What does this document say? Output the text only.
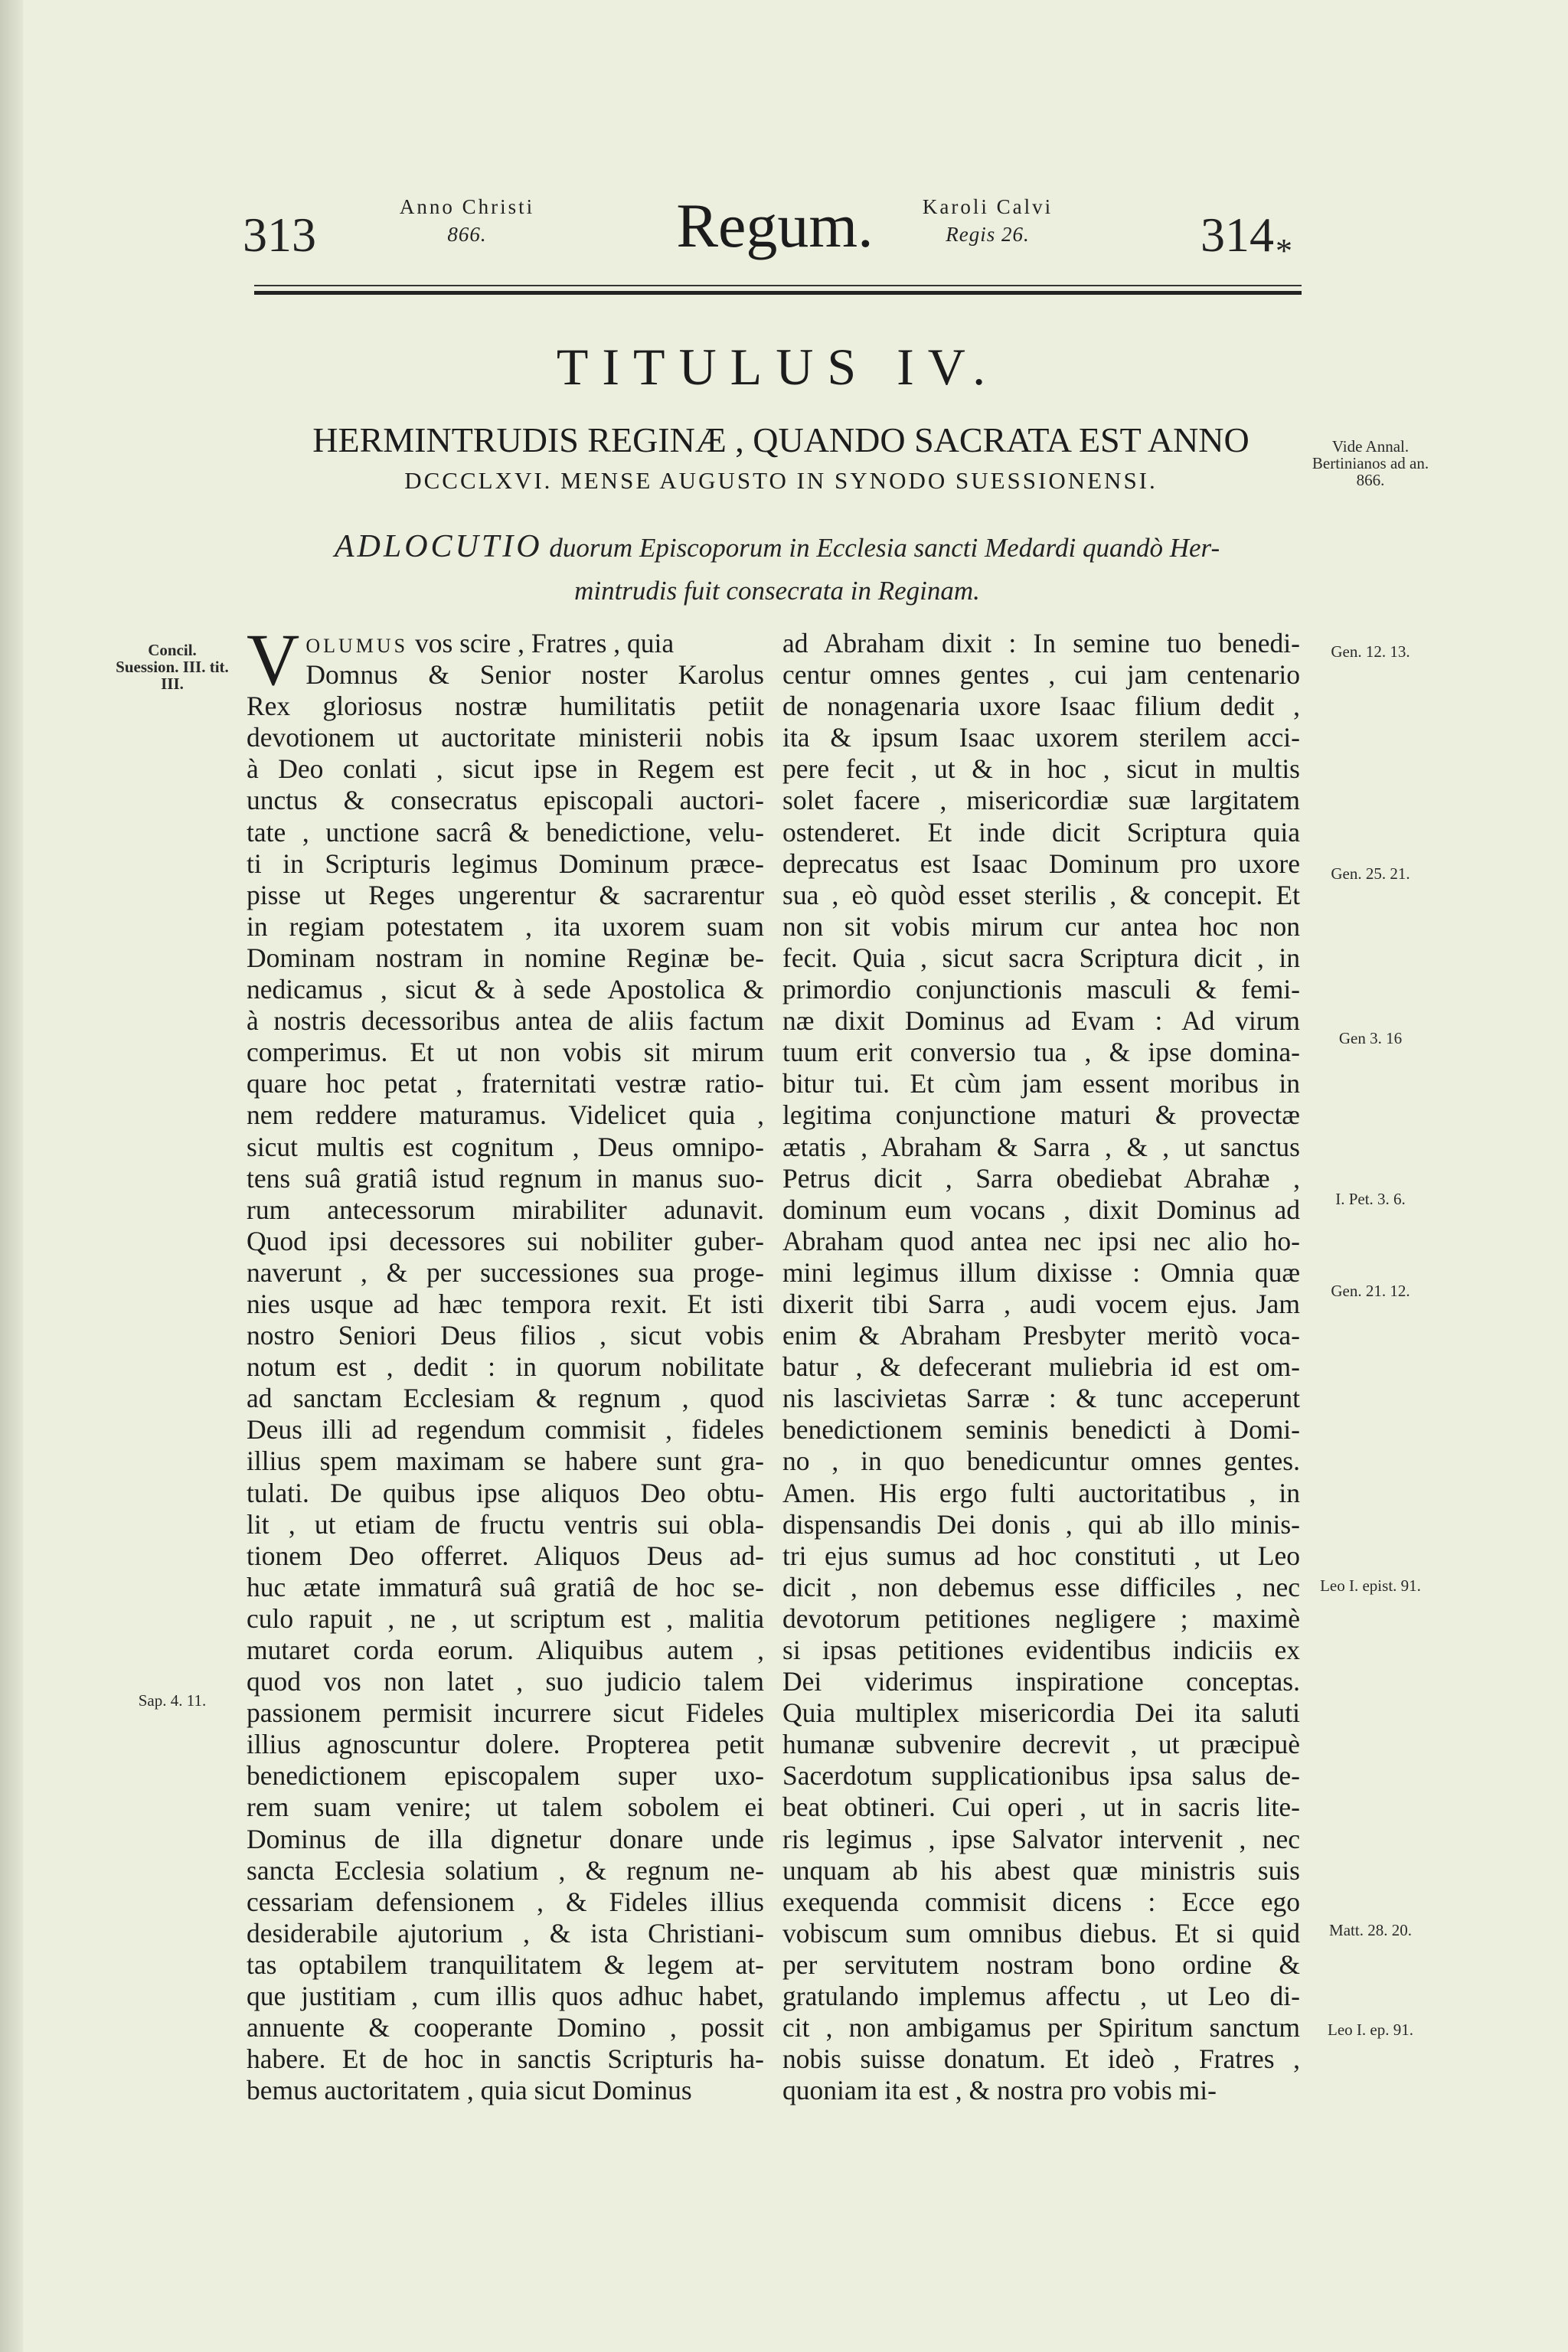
313
Anno Christi
866.	Regum.	Karoli Calvi
Regis 26.	$314_*$
TITULUS IV.
HERMINTRUDIS REGINÆ , QUANDO SACRATA EST ANNO
DCCCLXVI. MENSE AUGUSTO IN SYNODO SUESSIONENSI.
ADLOCUTIO duorum Episcoporum in Ecclesia sancti Medardi quandò Her-
mintrudis fuit consecrata in Reginam.
V OLUMUS vos scire , Fratres , quia
Domnus & Senior noster Karolus
Rex gloriosus nostræ humilitatis petiit
devotionem ut auctoritate ministerii nobis
à Deo conlati , sicut ipse in Regem est
unctus & consecratus episcopali auctori-
tate , unctione sacrâ & benedictione, velu-
ti in Scripturis legimus Dominum præce-
pisse ut Reges ungerentur & sacrarentur
in regiam potestatem , ita uxorem suam
Dominam nostram in nomine Reginæ be-
nedicamus , sicut & à sede Apostolica &
à nostris decessoribus antea de aliis factum
comperimus. Et ut non vobis sit mirum
quare hoc petat , fraternitati vestræ ratio-
nem reddere maturamus. Videlicet quia ,
sicut multis est cognitum , Deus omnipo-
tens suâ gratiâ istud regnum in manus suo-
rum antecessorum mirabiliter adunavit.
Quod ipsi decessores sui nobiliter guber-
naverunt , & per successiones sua proge-
nies usque ad hæc tempora rexit. Et isti
nostro Seniori Deus filios , sicut vobis
notum est , dedit : in quorum nobilitate
ad sanctam Ecclesiam & regnum , quod
Deus illi ad regendum commisit , fideles
illius spem maximam se habere sunt gra-
tulati. De quibus ipse aliquos Deo obtu-
lit , ut etiam de fructu ventris sui obla-
tionem Deo offerret. Aliquos Deus ad-
huc ætate immaturâ suâ gratiâ de hoc se-
culo rapuit , ne , ut scriptum est , malitia
mutaret corda eorum. Aliquibus autem ,
quod vos non latet , suo judicio talem
passionem permisit incurrere sicut Fideles
illius agnoscuntur dolere. Propterea petit
benedictionem episcopalem super uxo-
rem suam venire; ut talem sobolem ei
Dominus de illa dignetur donare unde
sancta Ecclesia solatium , & regnum ne-
cessariam defensionem , & Fideles illius
desiderabile ajutorium , & ista Christiani-
tas optabilem tranquilitatem & legem at-
que justitiam , cum illis quos adhuc habet,
annuente & cooperante Domino , possit
habere. Et de hoc in sanctis Scripturis ha-
bemus auctoritatem , quia sicut Dominus
ad Abraham dixit : In semine tuo benedi-
centur omnes gentes , cui jam centenario
de nonagenaria uxore Isaac filium dedit ,
ita & ipsum Isaac uxorem sterilem acci-
pere fecit , ut & in hoc , sicut in multis
solet facere , misericordiæ suæ largitatem
ostenderet. Et inde dicit Scriptura quia
deprecatus est Isaac Dominum pro uxore
sua , eò quòd esset sterilis , & concepit. Et
non sit vobis mirum cur antea hoc non
fecit. Quia , sicut sacra Scriptura dicit , in
primordio conjunctionis masculi & femi-
næ dixit Dominus ad Evam : Ad virum
tuum erit conversio tua , & ipse domina-
bitur tui. Et cùm jam essent moribus in
legitima conjunctione maturi & provectæ
ætatis , Abraham & Sarra , & , ut sanctus
Petrus dicit , Sarra obediebat Abrahæ ,
dominum eum vocans , dixit Dominus ad
Abraham quod antea nec ipsi nec alio ho-
mini legimus illum dixisse : Omnia quæ
dixerit tibi Sarra , audi vocem ejus. Jam
enim & Abraham Presbyter meritò voca-
batur , & defecerant muliebria id est om-
nis lascivietas Sarræ : & tunc acceperunt
benedictionem seminis benedicti à Domi-
no , in quo benedicuntur omnes gentes.
Amen. His ergo fulti auctoritatibus , in
dispensandis Dei donis , qui ab illo minis-
tri ejus sumus ad hoc constituti , ut Leo
dicit , non debemus esse difficiles , nec
devotorum petitiones negligere ; maximè
si ipsas petitiones evidentibus indiciis ex
Dei viderimus inspiratione conceptas.
Quia multiplex misericordia Dei ita saluti
humanæ subvenire decrevit , ut præcipuè
Sacerdotum supplicationibus ipsa salus de-
beat obtineri. Cui operi , ut in sacris lite-
ris legimus , ipse Salvator intervenit , nec
unquam ab his abest quæ ministris suis
exequenda commisit dicens : Ecce ego
vobiscum sum omnibus diebus. Et si quid
per servitutem nostram bono ordine &
gratulando implemus affectu , ut Leo di-
cit , non ambigamus per Spiritum sanctum
nobis suisse donatum. Et ideò , Fratres ,
quoniam ita est , & nostra pro vobis mi-
Concil. Suession. III. tit. III.
Sap. 4. 11.
Vide Annal. Bertinianos ad an. 866.
Gen. 12. 13.
Gen. 25. 21.
Gen 3. 16
I. Pet. 3. 6.
Gen. 21. 12.
Leo I. epist. 91.
Matt. 28. 20.
Leo I. ep. 91.
